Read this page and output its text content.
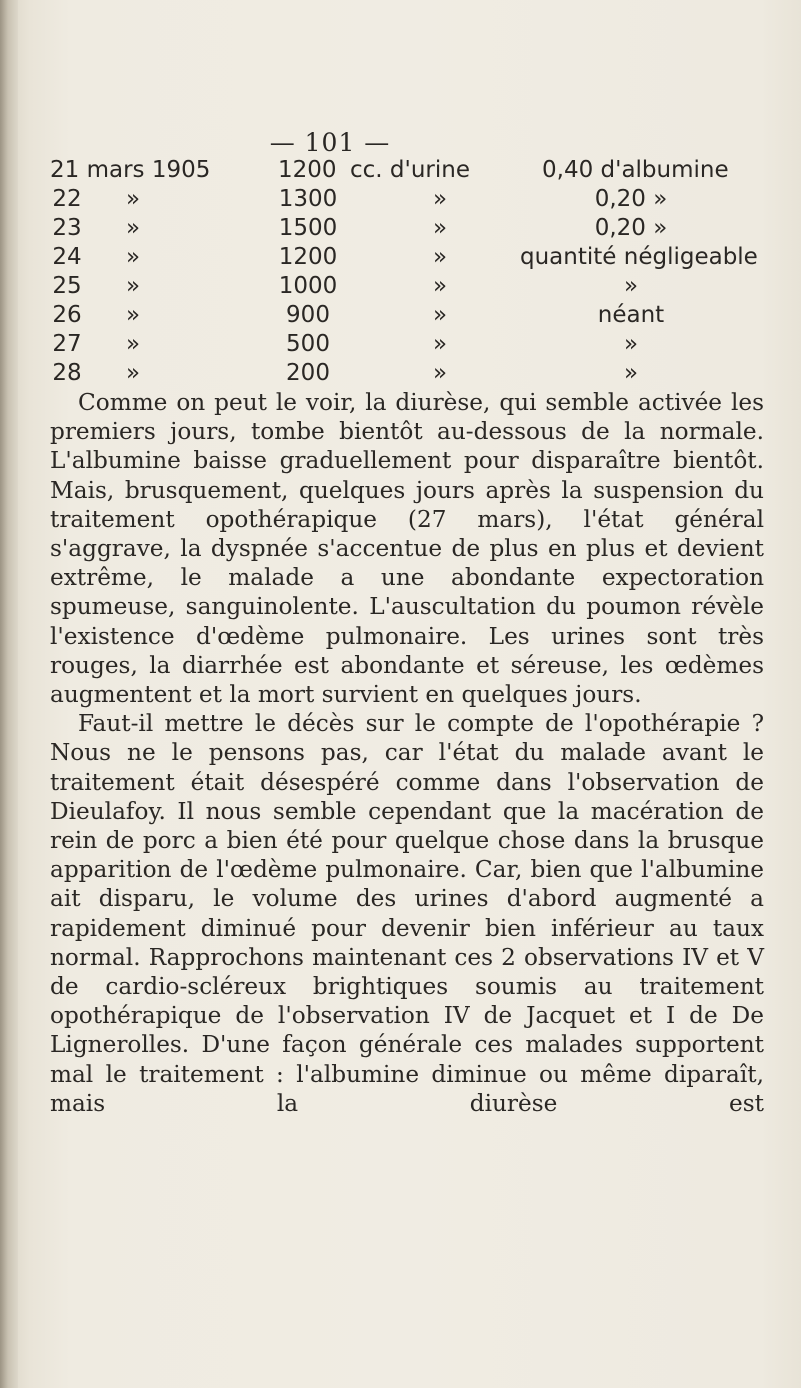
— 101 —
21 mars 1905	1200 cc. d'urine	0,40 d'albumine
22	»	1300	»	0,20 »
23	»	1500	»	0,20 »
24	»	1200	»	quantité négligeable
25	»	1000	»	»
26	»	900	»	néant
27	»	500	»	»
28	»	200	»	»

Comme on peut le voir, la diurèse, qui semble activée les premiers jours, tombe bientôt au-dessous de la normale. L'albumine baisse graduellement pour disparaître bientôt. Mais, brusquement, quelques jours après la suspension du traitement opothérapique (27 mars), l'état général s'aggrave, la dyspnée s'accentue de plus en plus et devient extrême, le malade a une abondante expectoration spumeuse, sanguinolente. L'auscultation du poumon révèle l'existence d'œdème pulmonaire. Les urines sont très rouges, la diarrhée est abondante et séreuse, les œdèmes augmentent et la mort survient en quelques jours.

Faut-il mettre le décès sur le compte de l'opothérapie ? Nous ne le pensons pas, car l'état du malade avant le traitement était désespéré comme dans l'observation de Dieulafoy. Il nous semble cependant que la macération de rein de porc a bien été pour quelque chose dans la brusque apparition de l'œdème pulmonaire. Car, bien que l'albumine ait disparu, le volume des urines d'abord augmenté a rapidement diminué pour devenir bien inférieur au taux normal. Rapprochons maintenant ces 2 observations IV et V de cardio-scléreux brightiques soumis au traitement opothérapique de l'observation IV de Jacquet et I de De Lignerolles. D'une façon générale ces malades supportent mal le traitement : l'albumine diminue ou même diparaît, mais la diurèse est
